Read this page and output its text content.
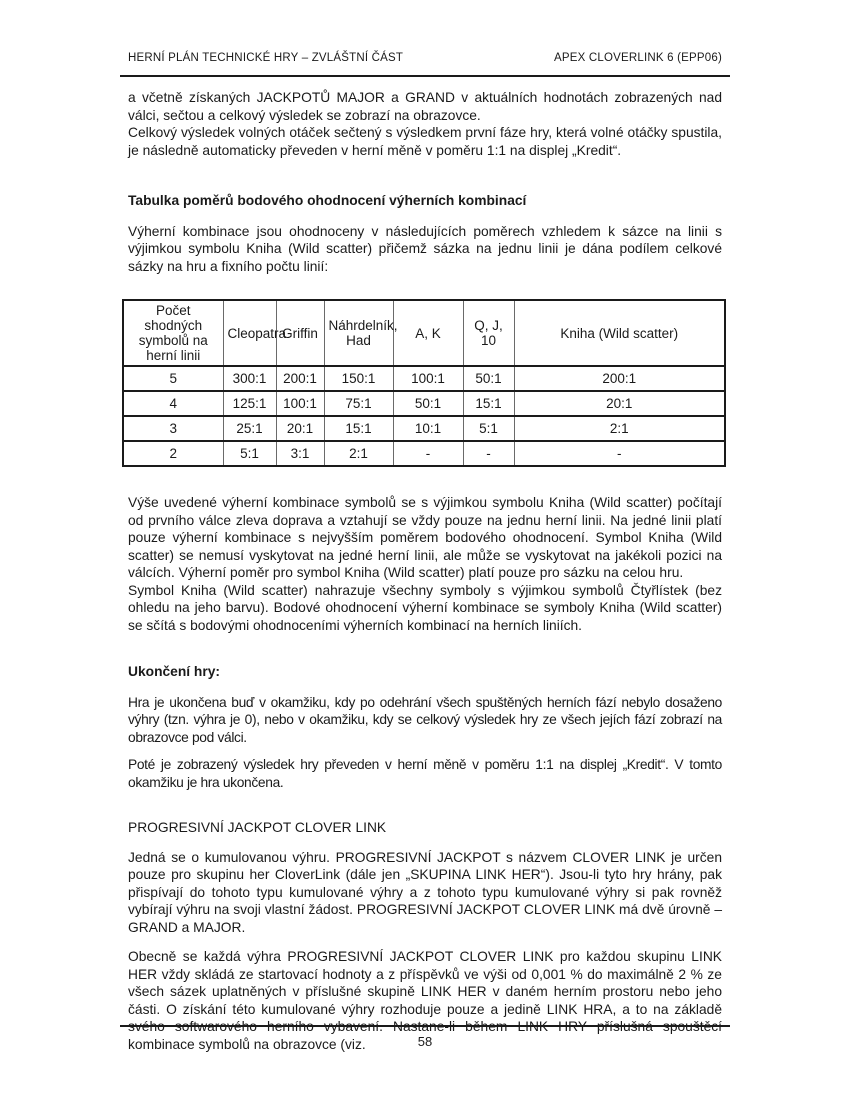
HERNÍ PLÁN TECHNICKÉ HRY – ZVLÁŠTNÍ ČÁST	APEX CLOVERLINK 6 (EPP06)

a včetně získaných JACKPOTŮ MAJOR a GRAND v aktuálních hodnotách zobrazených nad válci, sečtou a celkový výsledek se zobrazí na obrazovce.

Celkový výsledek volných otáček sečtený s výsledkem první fáze hry, která volné otáčky spustila, je následně automaticky převeden v herní měně v poměru 1:1 na displej „Kredit“.

Tabulka poměrů bodového ohodnocení výherních kombinací

Výherní kombinace jsou ohodnoceny v následujících poměrech vzhledem k sázce na linii s výjimkou symbolu Kniha (Wild scatter) přičemž sázka na jednu linii je dána podílem celkové sázky na hru a fixního počtu linií:

Počet shodných symbolů na herní linii	Cleopatra	Griffin	Náhrdelník, Had	A, K	Q, J, 10	Kniha (Wild scatter)
5	300:1	200:1	150:1	100:1	50:1	200:1
4	125:1	100:1	75:1	50:1	15:1	20:1
3	25:1	20:1	15:1	10:1	5:1	2:1
2	5:1	3:1	2:1	-	-	-

Výše uvedené výherní kombinace symbolů se s výjimkou symbolu Kniha (Wild scatter) počítají od prvního válce zleva doprava a vztahují se vždy pouze na jednu herní linii. Na jedné linii platí pouze výherní kombinace s nejvyšším poměrem bodového ohodnocení. Symbol Kniha (Wild scatter) se nemusí vyskytovat na jedné herní linii, ale může se vyskytovat na jakékoli pozici na válcích. Výherní poměr pro symbol Kniha (Wild scatter) platí pouze pro sázku na celou hru.

Symbol Kniha (Wild scatter) nahrazuje všechny symboly s výjimkou symbolů Čtyřlístek (bez ohledu na jeho barvu). Bodové ohodnocení výherní kombinace se symboly Kniha (Wild scatter) se sčítá s bodovými ohodnoceními výherních kombinací na herních liniích.

Ukončení hry:

Hra je ukončena buď v okamžiku, kdy po odehrání všech spuštěných herních fází nebylo dosaženo výhry (tzn. výhra je 0), nebo v okamžiku, kdy se celkový výsledek hry ze všech jejích fází zobrazí na obrazovce pod válci.

Poté je zobrazený výsledek hry převeden v herní měně v poměru 1:1 na displej „Kredit“. V tomto okamžiku je hra ukončena.

PROGRESIVNÍ JACKPOT CLOVER LINK

Jedná se o kumulovanou výhru. PROGRESIVNÍ JACKPOT s názvem CLOVER LINK je určen pouze pro skupinu her CloverLink (dále jen „SKUPINA LINK HER“). Jsou-li tyto hry hrány, pak přispívají do tohoto typu kumulované výhry a z tohoto typu kumulované výhry si pak rovněž vybírají výhru na svoji vlastní žádost. PROGRESIVNÍ JACKPOT CLOVER LINK má dvě úrovně – GRAND a MAJOR.

Obecně se každá výhra PROGRESIVNÍ JACKPOT CLOVER LINK pro každou skupinu LINK HER vždy skládá ze startovací hodnoty a z příspěvků ve výši od 0,001 % do maximálně 2 % ze všech sázek uplatněných v příslušné skupině LINK HER v daném herním prostoru nebo jeho části. O získání této kumulované výhry rozhoduje pouze a jedině LINK HRA, a to na základě svého softwarového herního vybavení. Nastane-li během LINK HRY příslušná spouštěcí kombinace symbolů na obrazovce (viz.	58
